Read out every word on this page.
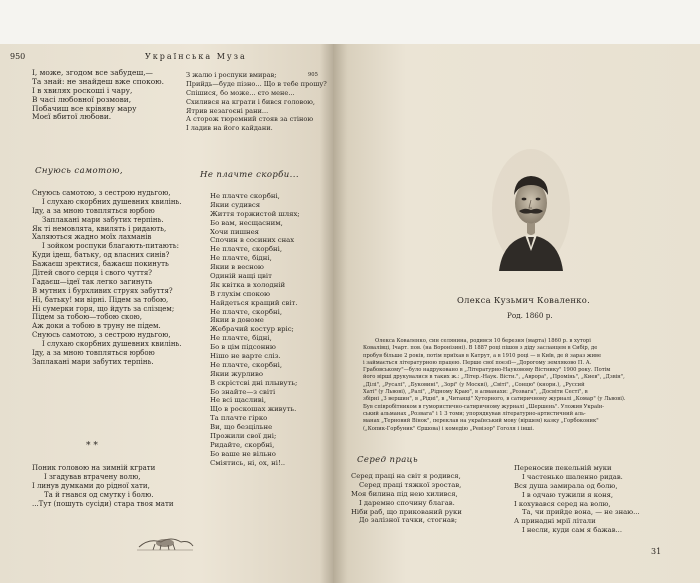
950	Українська Муза
І, може, згодом все забудеш,—
Та знай: не знайдеш вже спокою.
І в хвилях роскоші і чару,
В часі любовної розмови,
Побачиш все крівяву мару
Моєї вбитої любови.
З жалю і роспуки вмирав;
Прийдь—буде пізно... Що в тебе прошу?
Спішися, бо може... єто мене...
Схилився на кграти і бився головою,
Ятрив незагоєні рани...
А сторож тюремний стояв за стіною
І ладив на його кайдани.
Снуюсь самотою,
Снуюсь самотою, з сестрою нудьгою,
І слухаю скорбних душевних квилінь.
Ідy, а за мною товпляться юрбою
Заплакані мари забутих терпінь.
Як ті немовлята, квилять і ридають,
Халяються жадно моїх лахманів
І зойком роспуки благають-питають:
Куди ідеш, батьку, од власних синів?
Бажаєш зректися, бажаєш покинуть
Дітей свого серця і свого чуття?
Гадаєш—ідеї так легко загинуть
В мутних і бурхливих струях забуття?
Ні, батьку! ми вірні. Підем за тобою,
Ні сумерки горя, що йдуть за слізцем;
Підем за тобою—тобою скою,
Аж доки а тобою в труну не підем.
Снуюсь самотою, з сестрою нудьгою,
І слухаю скорбних душевних квилінь.
Ідy, а за мною товпляться юрбою
Заплакані мари забутих терпінь.
* *
Поник головою на зимній кграти
І згадував втрачену волю,
І линув думками до рідної хати,
Та й гнався од смутку і болю.
...Тут (пошуть сусіди) стара твоя мати
Не плачте скорби...
Не плачте скорбні,
Якии судився
Життя торжистой шлях;
Бо вам, несщасним,
Хочи пишнея
Спочин в сосиних снах
Не плачте, скорбні,
Не плачте, бідні,
Якии в весною
Одиній нащі цвіт
Як квітка в холодній
В глухім спокою
Найдеться кращий світ.
Не плачте, скорбні,
Якии в дономе
Жебрачий костур вріс;
Не плачте, бідні,
Бо в цім підсонню
Нішо не варте сліз.
Не плачте, скорбні,
Якии журливо
В скрістсві дні плывуть;
Бо знайте—з світі
Не всі щасливі,
Що в роскошах живуть.
Та плачте гірко
Ви, що безцільне
Прожили свої дні;
Ридайте, скорбні,
Бо ваше не вільно
Сміятись, ні, ох, ні!..
905
Олекса Кузьмич Коваленко.
Род. 1860 р.
Олекса Коваленко, син селянина, родився 10 березня (марта) 1860 р. в хуторі
Ковалівці, Ічарт. пов. (на Воронізині). В 1887 році пішов з діду засланцем в Сибір, де
пробув більше 2 років, потім приїхав в Катрут, а в 1910 році — в Київ, де й зараз живе
і займається літературною працею. Перше свої поезії—„Дорогому земляково П. А.
Грабовському"—було надруковано в „Літературно-Науковому Вістнику" 1900 року. Потім
його вірші друкувалися в таких ж.: „Літер.-Наук. Вістн.", „Аврора", „Промінь", „Киев", „Дзвін",
„Ділі", „Русалі", „Буковині", „Зорі" (у Москві), „Світі", „Сонцю" (кнори.), „Руссий
Хаті" (у Львові), „Ралі", „Рідному Краю", в алманахи: „Розвага", „Досвіти Сесті", в
збірні „З вершин", в „Рідні", в „Читанці" Хуторного, в сатиричному журналі „Комар" (у Львові).
Був співробітником в гумористично-сатиричному журналі „Шершень". Уложив Україн-
ський альманах „Розвага" і 1 3 томи; упорядкував літературно-артистичний аль-
манах „Терновий Вінок", переклав на український мову (віршем) казку „Горбоконик"
(„Копик-Горбуник" Єршова) і комедію „Ревізор" Гоголя і інші.
Серед праць
Серед праці на світ я родився,
Серед праці тяжкої зростав,
Моя билина під нею хилився,
І даремно спочину благав.
Ніби раб, що прикований руки
До залізної тачки, стогнав;
Переносив пекельній муки
І частенько шаленно ридав.
Вся душа замирала од болю,
І в одчаю тужили я коня,
І кохувався серед на волю,
Та, чи прийде вона, — не знаю...
А принадні мрії літали
І несли, куди сам я бажав...
31
